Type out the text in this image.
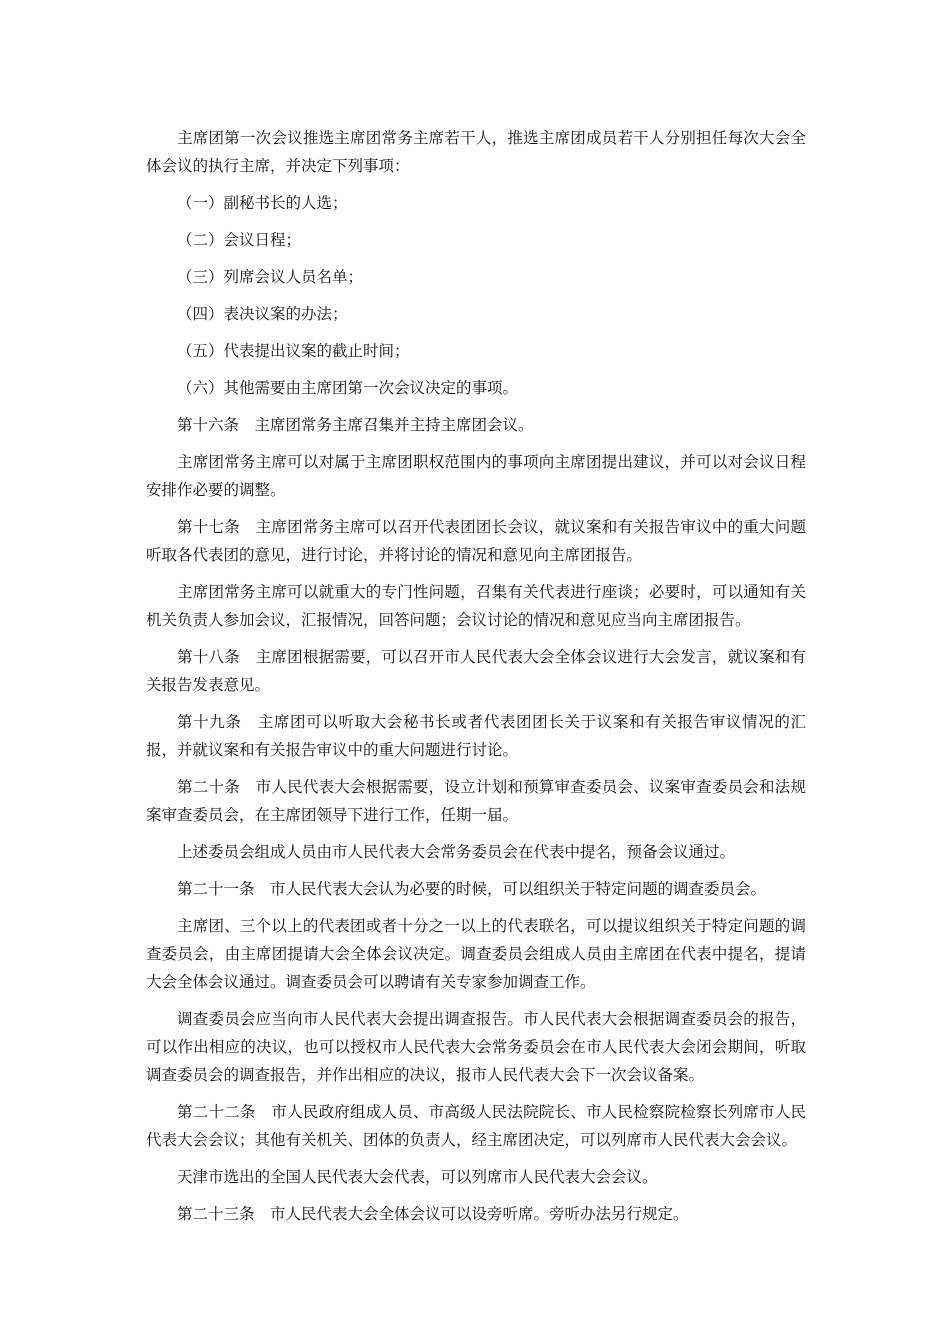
主席团第一次会议推选主席团常务主席若干人，推选主席团成员若干人分别担任每次大会全体会议的执行主席，并决定下列事项：

（一）副秘书长的人选；

（二）会议日程；

（三）列席会议人员名单；

（四）表决议案的办法；

（五）代表提出议案的截止时间；

（六）其他需要由主席团第一次会议决定的事项。

第十六条　主席团常务主席召集并主持主席团会议。

主席团常务主席可以对属于主席团职权范围内的事项向主席团提出建议，并可以对会议日程安排作必要的调整。

第十七条　主席团常务主席可以召开代表团团长会议，就议案和有关报告审议中的重大问题听取各代表团的意见，进行讨论，并将讨论的情况和意见向主席团报告。

主席团常务主席可以就重大的专门性问题，召集有关代表进行座谈；必要时，可以通知有关机关负责人参加会议，汇报情况，回答问题；会议讨论的情况和意见应当向主席团报告。

第十八条　主席团根据需要，可以召开市人民代表大会全体会议进行大会发言，就议案和有关报告发表意见。

第十九条　主席团可以听取大会秘书长或者代表团团长关于议案和有关报告审议情况的汇报，并就议案和有关报告审议中的重大问题进行讨论。

第二十条　市人民代表大会根据需要，设立计划和预算审查委员会、议案审查委员会和法规案审查委员会，在主席团领导下进行工作，任期一届。

上述委员会组成人员由市人民代表大会常务委员会在代表中提名，预备会议通过。

第二十一条　市人民代表大会认为必要的时候，可以组织关于特定问题的调查委员会。

主席团、三个以上的代表团或者十分之一以上的代表联名，可以提议组织关于特定问题的调查委员会，由主席团提请大会全体会议决定。调查委员会组成人员由主席团在代表中提名，提请大会全体会议通过。调查委员会可以聘请有关专家参加调查工作。

调查委员会应当向市人民代表大会提出调查报告。市人民代表大会根据调查委员会的报告，可以作出相应的决议，也可以授权市人民代表大会常务委员会在市人民代表大会闭会期间，听取调查委员会的调查报告，并作出相应的决议，报市人民代表大会下一次会议备案。

第二十二条　市人民政府组成人员、市高级人民法院院长、市人民检察院检察长列席市人民代表大会会议；其他有关机关、团体的负责人，经主席团决定，可以列席市人民代表大会会议。

天津市选出的全国人民代表大会代表，可以列席市人民代表大会会议。

第二十三条　市人民代表大会全体会议可以设旁听席。旁听办法另行规定。
